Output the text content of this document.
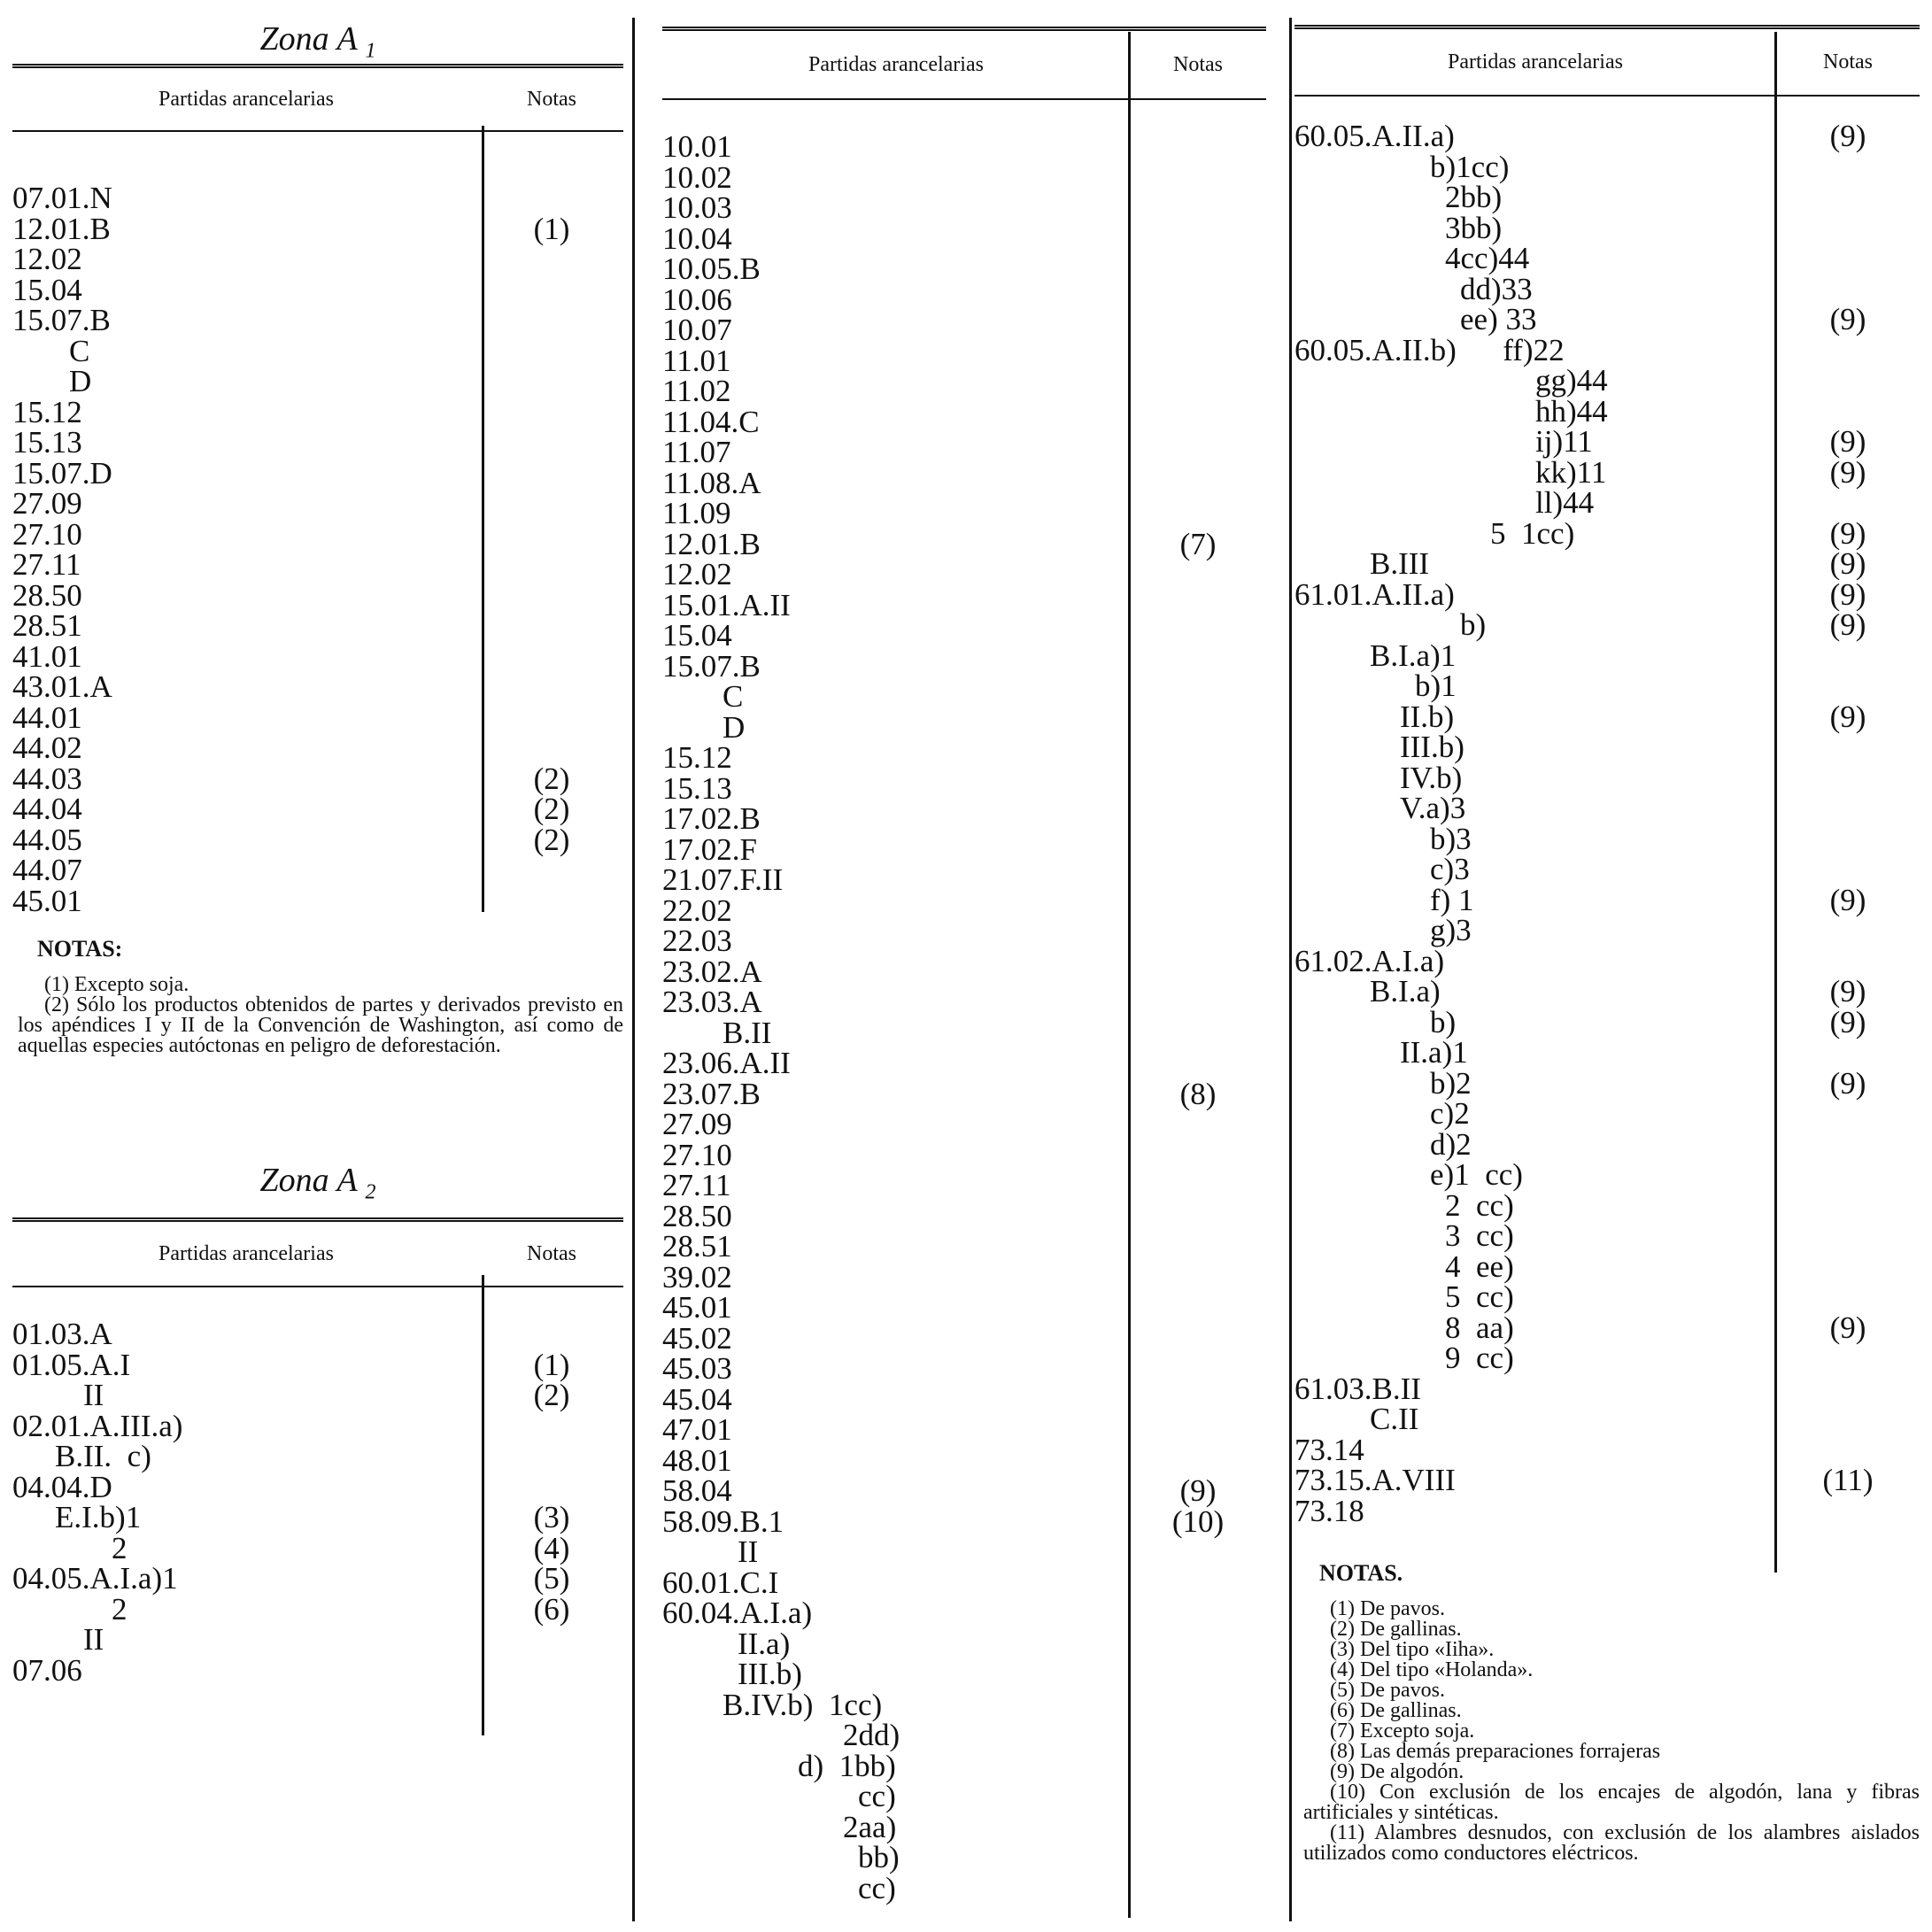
Zona A $_1$
Partidas arancelarias	Notas
07.01.N
12.01.B	(1)
12.02
15.04
15.07.B
C
D
15.12
15.13
15.07.D
27.09
27.10
27.11
28.50
28.51
41.01
43.01.A
44.01
44.02
44.03	(2)
44.04	(2)
44.05	(2)
44.07
45.01
NOTAS:

(1) Excepto soja.

(2) Sólo los productos obtenidos de partes y derivados previsto en los apéndices I y II de la Convención de Washington, así como de aquellas especies autóctonas en peligro de deforestación.

Zona A $_2$
Partidas arancelarias	Notas
01.03.A
01.05.A.I	(1)
II	(2)
02.01.A.III.a)
B.II.  c)
04.04.D
E.I.b)1	(3)
2	(4)
04.05.A.I.a)1	(5)
2	(6)
II
07.06
Partidas arancelarias	Notas
10.01
10.02
10.03
10.04
10.05.B
10.06
10.07
11.01
11.02
11.04.C
11.07
11.08.A
11.09
12.01.B	(7)
12.02
15.01.A.II
15.04
15.07.B
C
D
15.12
15.13
17.02.B
17.02.F
21.07.F.II
22.02
22.03
23.02.A
23.03.A
B.II
23.06.A.II
23.07.B	(8)
27.09
27.10
27.11
28.50
28.51
39.02
45.01
45.02
45.03
45.04
47.01
48.01
58.04	(9)
58.09.B.1	(10)
II
60.01.C.I
60.04.A.I.a)
II.a)
III.b)
B.IV.b)  1cc)
2dd)
d)  1bb)
cc)
2aa)
bb)
cc)
Partidas arancelarias	Notas
60.05.A.II.a)	(9)
b)1cc)
2bb)
3bb)
4cc)44
dd)33
ee) 33	(9)
60.05.A.II.b)      ff)22
gg)44
hh)44
ij)11	(9)
kk)11	(9)
ll)44
5  1cc)	(9)
B.III	(9)
61.01.A.II.a)	(9)
b)	(9)
B.I.a)1
b)1
II.b)	(9)
III.b)
IV.b)
V.a)3
b)3
c)3
f) 1	(9)
g)3
61.02.A.I.a)
B.I.a)	(9)
b)	(9)
II.a)1
b)2	(9)
c)2
d)2
e)1  cc)
2  cc)
3  cc)
4  ee)
5  cc)
8  aa)	(9)
9  cc)
61.03.B.II
C.II
73.14
73.15.A.VIII	(11)
73.18
NOTAS.

(1) De pavos.

(2) De gallinas.

(3) Del tipo «Iiha».

(4) Del tipo «Holanda».

(5) De pavos.

(6) De gallinas.

(7) Excepto soja.

(8) Las demás preparaciones forrajeras

(9) De algodón.

(10) Con exclusión de los encajes de algodón, lana y fibras artificiales y sintéticas.

(11) Alambres desnudos, con exclusión de los alambres aislados utilizados como conductores eléctricos.
